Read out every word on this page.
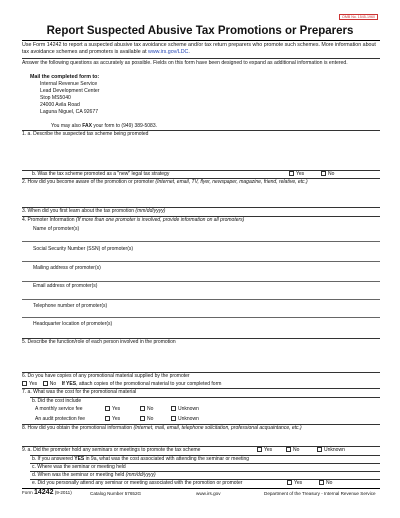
OMB No. 1545-1960
Report Suspected Abusive Tax Promotions or Preparers
Use Form 14242 to report a suspected abusive tax avoidance scheme and/or tax return preparers who promote such schemes. More information about tax avoidance schemes and promoters is available at www.irs.gov/LDC.
Answer the following questions as accurately as possible. Fields on this form have been designed to expand as additional information is entered.
Mail the completed form to:
Internal Revenue Service
Lead Development Center
Stop MS5040
24000 Avila Road
Laguna Niguel, CA 92677
You may also FAX your form to (949) 389-5083.
1. a. Describe the suspected tax scheme being promoted
b. Was the tax scheme promoted as a "new" legal tax strategy	Yes	No
2. How did you become aware of the promotion or promoter (Internet, email, TV, flyer, newspaper, magazine, friend, relative, etc.)
3. When did you first learn about the tax promotion (mm/dd/yyyy)
4. Promoter Information (If more than one promoter is involved, provide information on all promoters)
Name of promoter(s)
Social Security Number (SSN) of promoter(s)
Mailing address of promoter(s)
Email address of promoter(s)
Telephone number of promoter(s)
Headquarter location of promoter(s)
5. Describe the function/role of each person involved in the promotion
6. Do you have copies of any promotional material supplied by the promoter
Yes	No If YES, attach copies of the promotional material to your completed form
7. a. What was the cost for the promotional material
b. Did the cost include
A monthly service fee	Yes	No	Unknown
An audit protection fee	Yes	No	Unknown
8. How did you obtain the promotional information (Internet, mail, email, telephone solicitation, professional acquaintance, etc.)
9. a. Did the promoter hold any seminars or meetings to promote the tax scheme	Yes	No	Unknown
b. If you answered YES in 9a, what was the cost associated with attending the seminar or meeting
c. Where was the seminar or meeting held
d. When was the seminar or meeting held (mm/dd/yyyy)
e. Did you personally attend any seminar or meeting associated with the promotion or promoter	Yes	No
Form 14242 (9-2011)	Catalog Number 57652G	www.irs.gov	Department of the Treasury - Internal Revenue Service
